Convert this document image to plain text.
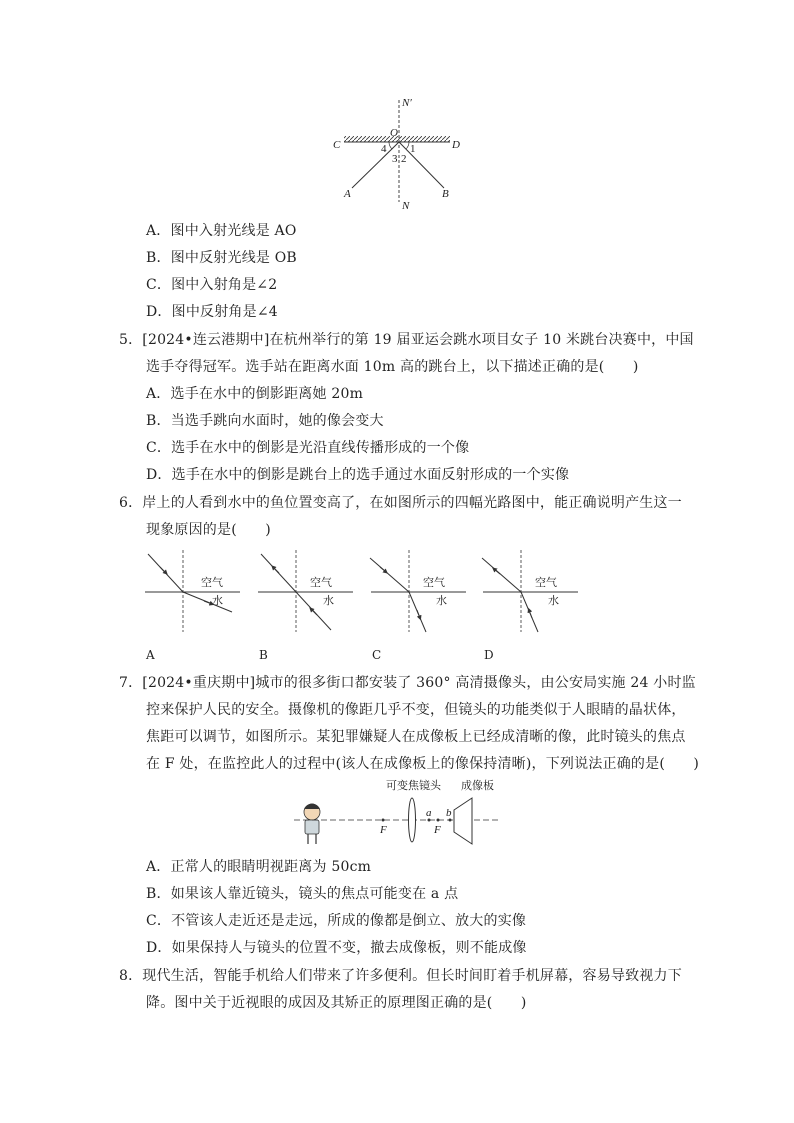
N′
O
C	D
4 1
3 2
A	B
N
A．图中入射光线是 AO
B．图中反射光线是 OB
C．图中入射角是∠2
D．图中反射角是∠4
5．[2024•连云港期中]在杭州举行的第 19 届亚运会跳水项目女子 10 米跳台决赛中，中国
选手夺得冠军。选手站在距离水面 10m 高的跳台上，以下描述正确的是(　　)
A．选手在水中的倒影距离她 20m
B．当选手跳向水面时，她的像会变大
C．选手在水中的倒影是光沿直线传播形成的一个像
D．选手在水中的倒影是跳台上的选手通过水面反射形成的一个实像
6．岸上的人看到水中的鱼位置变高了，在如图所示的四幅光路图中，能正确说明产生这一
现象原因的是(　　)
空气
水
空气
水
空气
水
空气
水
A	B	C	D
7．[2024•重庆期中]城市的很多街口都安装了 360° 高清摄像头，由公安局实施 24 小时监
控来保护人民的安全。摄像机的像距几乎不变，但镜头的功能类似于人眼睛的晶状体，
焦距可以调节，如图所示。某犯罪嫌疑人在成像板上已经成清晰的像，此时镜头的焦点
在 F 处，在监控此人的过程中(该人在成像板上的像保持清晰)，下列说法正确的是(　　)
可变焦镜头 成像板
F
a
F
b
A．正常人的眼睛明视距离为 50cm
B．如果该人靠近镜头，镜头的焦点可能变在 a 点
C．不管该人走近还是走远，所成的像都是倒立、放大的实像
D．如果保持人与镜头的位置不变，撤去成像板，则不能成像
8．现代生活，智能手机给人们带来了许多便利。但长时间盯着手机屏幕，容易导致视力下
降。图中关于近视眼的成因及其矫正的原理图正确的是(　　)
